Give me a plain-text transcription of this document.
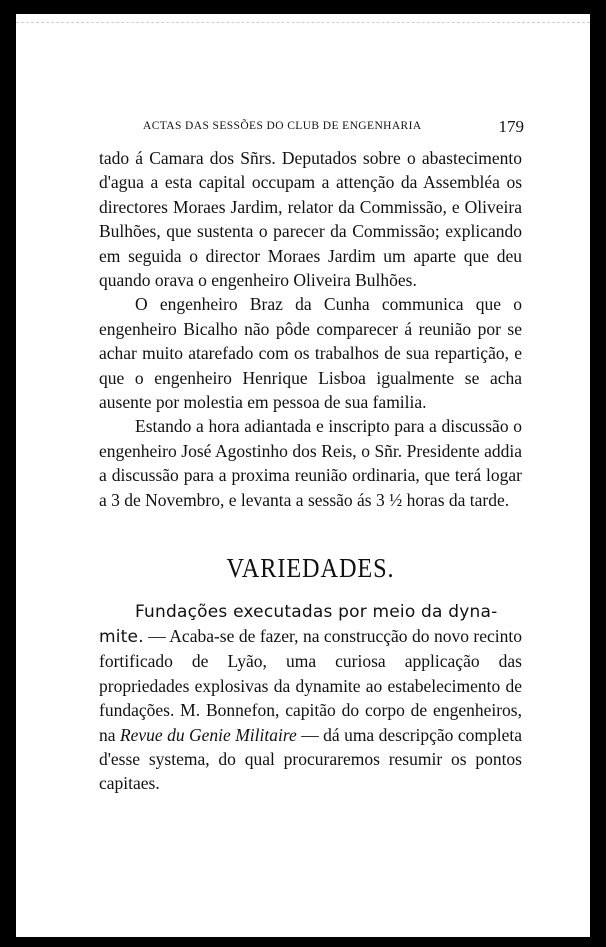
ACTAS DAS SESSÕES DO CLUB DE ENGENHARIA	179

tado á Camara dos Sñrs. Deputados sobre o abastecimento d'agua a esta capital occupam a attenção da Assembléa os directores Moraes Jardim, relator da Commissão, e Oliveira Bulhões, que sustenta o parecer da Commissão; explicando em seguida o director Moraes Jardim um aparte que deu quando orava o engenheiro Oliveira Bulhões.

O engenheiro Braz da Cunha communica que o engenheiro Bicalho não pôde comparecer á reunião por se achar muito atarefado com os trabalhos de sua repartição, e que o engenheiro Henrique Lisboa igualmente se acha ausente por molestia em pessoa de sua familia.

Estando a hora adiantada e inscripto para a discussão o engenheiro José Agostinho dos Reis, o Sñr. Presidente addia a discussão para a proxima reunião ordinaria, que terá logar a 3 de Novembro, e levanta a sessão ás 3 ½ horas da tarde.

VARIEDADES.

Fundações executadas por meio da dyna-
mite. — Acaba-se de fazer, na construcção do novo recinto fortificado de Lyão, uma curiosa applicação das propriedades explosivas da dynamite ao estabelecimento de fundações. M. Bonnefon, capitão do corpo de engenheiros, na Revue du Genie Militaire — dá uma descripção completa d'esse systema, do qual procuraremos resumir os pontos capitaes.
